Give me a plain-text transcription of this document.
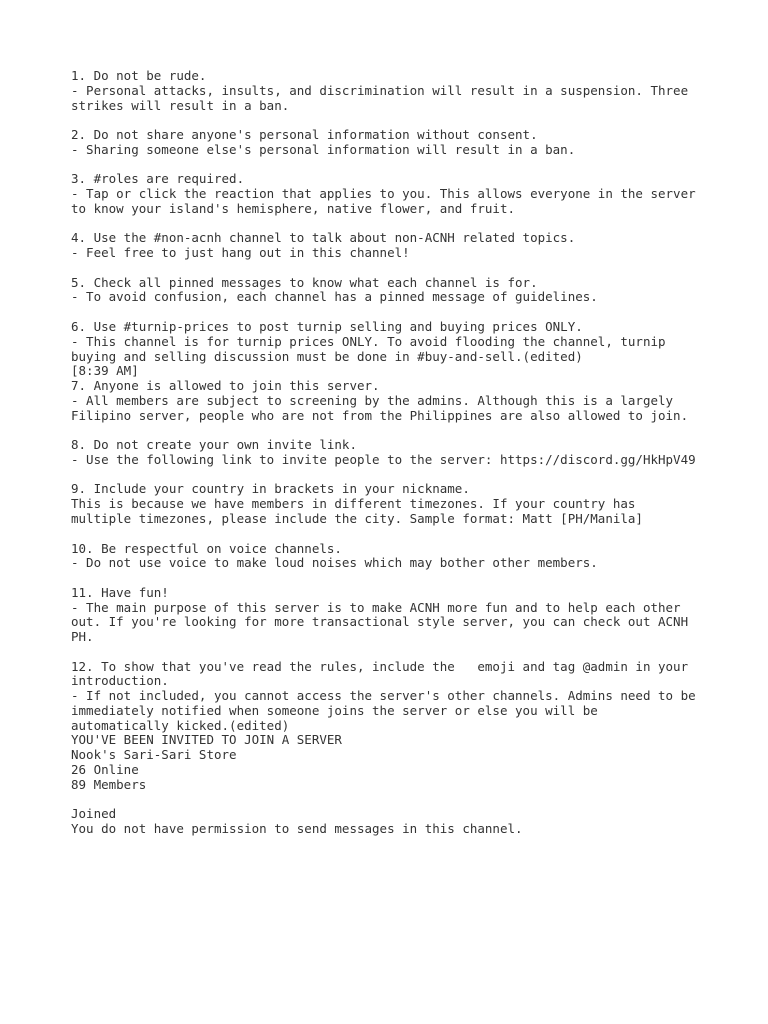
1. Do not be rude.
- Personal attacks, insults, and discrimination will result in a suspension. Three
strikes will result in a ban.
2. Do not share anyone's personal information without consent.
- Sharing someone else's personal information will result in a ban.
3. #roles are required.
- Tap or click the reaction that applies to you. This allows everyone in the server
to know your island's hemisphere, native flower, and fruit.
4. Use the #non-acnh channel to talk about non-ACNH related topics.
- Feel free to just hang out in this channel!
5. Check all pinned messages to know what each channel is for.
- To avoid confusion, each channel has a pinned message of guidelines.
6. Use #turnip-prices to post turnip selling and buying prices ONLY.
- This channel is for turnip prices ONLY. To avoid flooding the channel, turnip
buying and selling discussion must be done in #buy-and-sell.(edited)
[8:39 AM]
7. Anyone is allowed to join this server.
- All members are subject to screening by the admins. Although this is a largely
Filipino server, people who are not from the Philippines are also allowed to join.
8. Do not create your own invite link.
- Use the following link to invite people to the server: https://discord.gg/HkHpV49
9. Include your country in brackets in your nickname.
This is because we have members in different timezones. If your country has
multiple timezones, please include the city. Sample format: Matt [PH/Manila]
10. Be respectful on voice channels.
- Do not use voice to make loud noises which may bother other members.
11. Have fun!
- The main purpose of this server is to make ACNH more fun and to help each other
out. If you're looking for more transactional style server, you can check out ACNH
PH.
12. To show that you've read the rules, include the   emoji and tag @admin in your
introduction.
- If not included, you cannot access the server's other channels. Admins need to be
immediately notified when someone joins the server or else you will be
automatically kicked.(edited)
YOU'VE BEEN INVITED TO JOIN A SERVER
Nook's Sari-Sari Store
26 Online
89 Members
Joined
You do not have permission to send messages in this channel.
